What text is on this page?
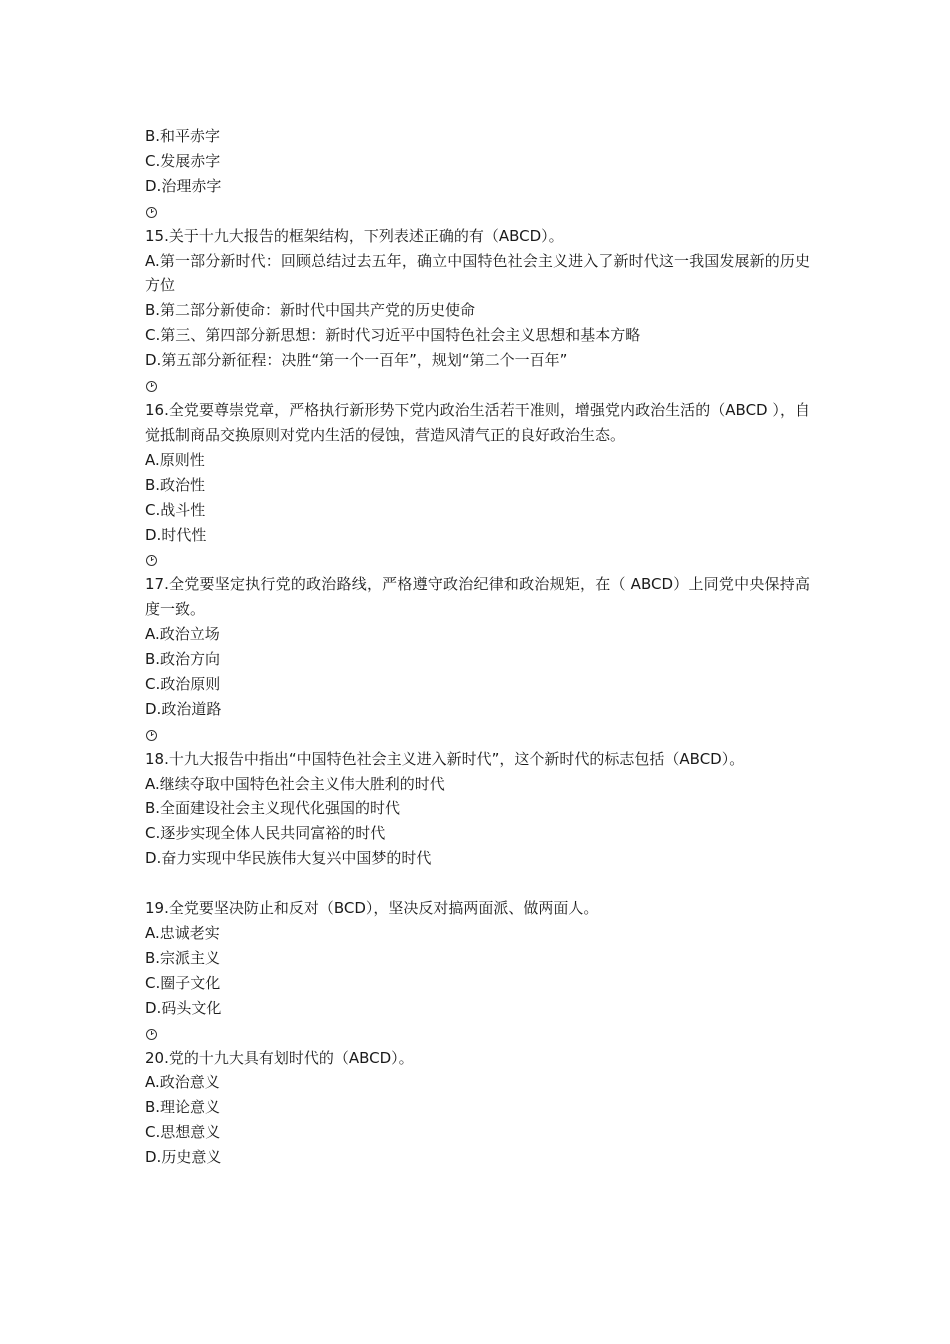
B.和平赤字
C.发展赤字
D.治理赤字
15.关于十九大报告的框架结构，下列表述正确的有（ABCD）。
A.第一部分新时代：回顾总结过去五年，确立中国特色社会主义进入了新时代这一我国发展新的历史方位
B.第二部分新使命：新时代中国共产党的历史使命
C.第三、第四部分新思想：新时代习近平中国特色社会主义思想和基本方略
D.第五部分新征程：决胜“第一个一百年”，规划“第二个一百年”
16.全党要尊崇党章，严格执行新形势下党内政治生活若干准则，增强党内政治生活的（ABCD ），自觉抵制商品交换原则对党内生活的侵蚀，营造风清气正的良好政治生态。
A.原则性
B.政治性
C.战斗性
D.时代性
17.全党要坚定执行党的政治路线，严格遵守政治纪律和政治规矩，在（ ABCD）上同党中央保持高度一致。
A.政治立场
B.政治方向
C.政治原则
D.政治道路
18.十九大报告中指出“中国特色社会主义进入新时代”，这个新时代的标志包括（ABCD）。
A.继续夺取中国特色社会主义伟大胜利的时代
B.全面建设社会主义现代化强国的时代
C.逐步实现全体人民共同富裕的时代
D.奋力实现中华民族伟大复兴中国梦的时代
19.全党要坚决防止和反对（BCD），坚决反对搞两面派、做两面人。
A.忠诚老实
B.宗派主义
C.圈子文化
D.码头文化
20.党的十九大具有划时代的（ABCD）。
A.政治意义
B.理论意义
C.思想意义
D.历史意义
